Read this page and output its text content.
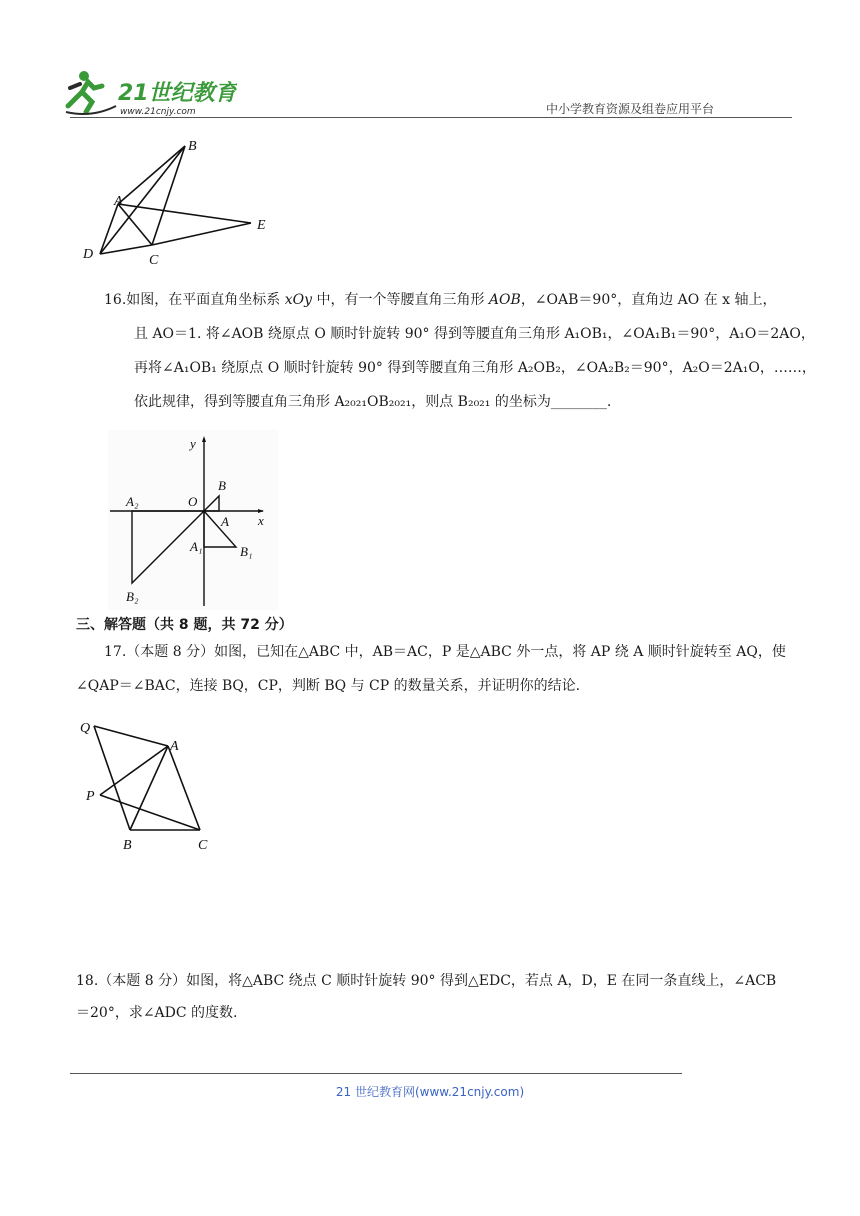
21世纪教育
www.21cnjy.com	中小学教育资源及组卷应用平台
B
A
E
D	C
16.如图，在平面直角坐标系 xOy 中，有一个等腰直角三角形 AOB，∠OAB＝90°，直角边 AO 在 x 轴上，
且 AO＝1. 将∠AOB 绕原点 O 顺时针旋转 90° 得到等腰直角三角形 A₁OB₁，∠OA₁B₁＝90°，A₁O＝2AO，
再将∠A₁OB₁ 绕原点 O 顺时针旋转 90° 得到等腰直角三角形 A₂OB₂，∠OA₂B₂＝90°，A₂O＝2A₁O，……，
依此规律，得到等腰直角三角形 A₂₀₂₁OB₂₀₂₁，则点 B₂₀₂₁ 的坐标为________.
y
B
A₂	O
A x
A₁	B₁
B₂
三、解答题（共 8 题，共 72 分）
17.（本题 8 分）如图，已知在△ABC 中，AB＝AC，P 是△ABC 外一点，将 AP 绕 A 顺时针旋转至 AQ，使
∠QAP＝∠BAC，连接 BQ，CP，判断 BQ 与 CP 的数量关系，并证明你的结论.
Q
A
P
B	C
18.（本题 8 分）如图，将△ABC 绕点 C 顺时针旋转 90° 得到△EDC，若点 A，D，E 在同一条直线上，∠ACB
＝20°，求∠ADC 的度数.
21 世纪教育网(www.21cnjy.com)
